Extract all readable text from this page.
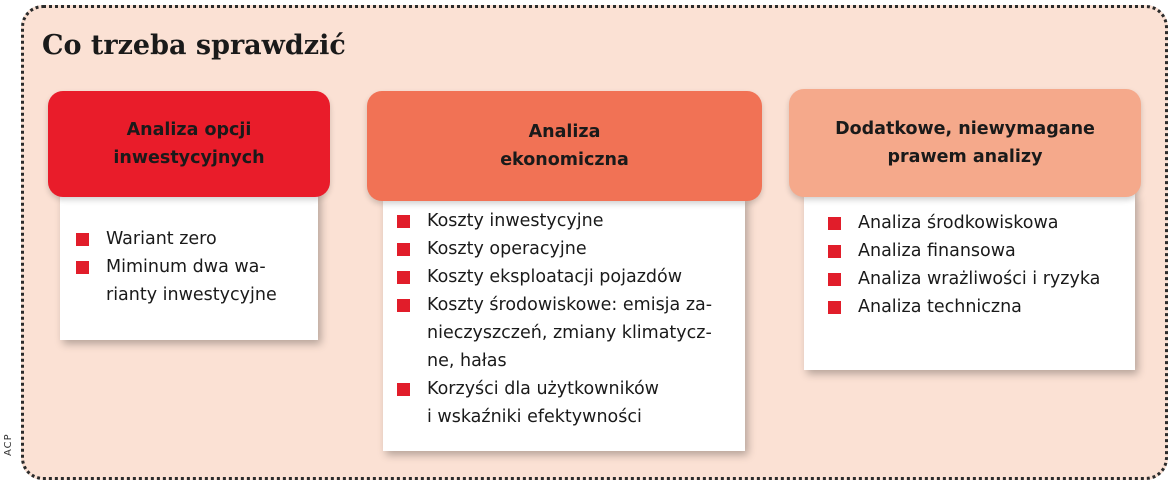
ACP
Co trzeba sprawdzić
Wariant zero
Miminum dwa wa-
rianty inwestycyjne
Analiza opcji
inwestycyjnych
Koszty inwestycyjne
Koszty operacyjne
Koszty eksploatacji pojazdów
Koszty środowiskowe: emisja za-
nieczyszczeń, zmiany klimatycz-
ne, hałas
Korzyści dla użytkowników
i wskaźniki efektywności
Analiza
ekonomiczna
Analiza środkowiskowa
Analiza finansowa
Analiza wrażliwości i ryzyka
Analiza techniczna
Dodatkowe, niewymagane
prawem analizy
